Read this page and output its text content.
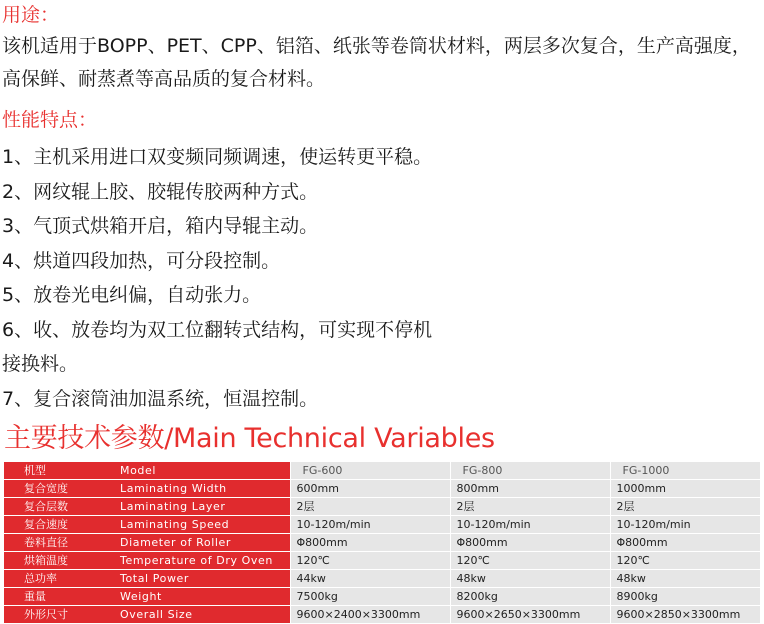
用途：
该机适用于BOPP、PET、CPP、铝箔、纸张等卷筒状材料，两层多次复合，生产高强度，高保鲜、耐蒸煮等高品质的复合材料。
性能特点：
1、主机采用进口双变频同频调速，使运转更平稳。
2、网纹辊上胶、胶辊传胶两种方式。
3、气顶式烘箱开启，箱内导辊主动。
4、烘道四段加热，可分段控制。
5、放卷光电纠偏，自动张力。
6、收、放卷均为双工位翻转式结构，可实现不停机
接换料。
7、复合滚筒油加温系统，恒温控制。
主要技术参数/Main Technical Variables
机型	Model	FG-600	FG-800	FG-1000
复合宽度	Laminating Width	600mm	800mm	1000mm
复合层数	Laminating Layer	2层	2层	2层
复合速度	Laminating Speed	10-120m/min	10-120m/min	10-120m/min
卷料直径	Diameter of Roller	Φ800mm	Φ800mm	Φ800mm
烘箱温度	Temperature of Dry Oven	120℃	120℃	120℃
总功率	Total Power	44kw	48kw	48kw
重量	Weight	7500kg	8200kg	8900kg
外形尺寸	Overall Size	9600×2400×3300mm	9600×2650×3300mm	9600×2850×3300mm
